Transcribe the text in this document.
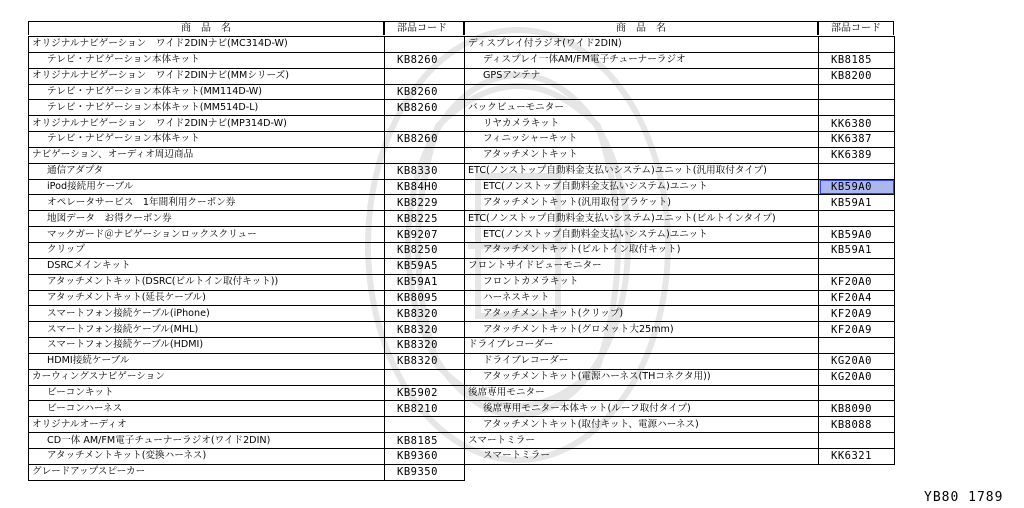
商　品　名	部品コード	商　品　名	部品コード
オリジナルナビゲーション　ワイド2DINナビ(MC314D-W)	
テレビ・ナビゲーション本体キット	KB8260
オリジナルナビゲーション　ワイド2DINナビ(MMシリーズ)	
テレビ・ナビゲーション本体キット(MM114D-W)	KB8260
テレビ・ナビゲーション本体キット(MM514D-L)	KB8260
オリジナルナビゲーション　ワイド2DINナビ(MP314D-W)	
テレビ・ナビゲーション本体キット	KB8260
ナビゲーション、オーディオ周辺商品	
通信アダプタ	KB8330
iPod接続用ケーブル	KB84H0
オペレータサービス　1年間利用クーポン券	KB8229
地図データ　お得クーポン券	KB8225
マックガード＠ナビゲーションロックスクリュー	KB9207
クリップ	KB8250
DSRCメインキット	KB59A5
アタッチメントキット(DSRC(ビルトイン取付キット))	KB59A1
アタッチメントキット(延長ケーブル)	KB8095
スマートフォン接続ケーブル(iPhone)	KB8320
スマートフォン接続ケーブル(MHL)	KB8320
スマートフォン接続ケーブル(HDMI)	KB8320
HDMI接続ケーブル	KB8320
カーウィングスナビゲーション	
ビーコンキット	KB5902
ビーコンハーネス	KB8210
オリジナルオーディオ	
CD一体 AM/FM電子チューナーラジオ(ワイド2DIN)	KB8185
アタッチメントキット(変換ハーネス)	KB9360
グレードアップスピーカー	KB9350
ディスプレイ付ラジオ(ワイド2DIN)	
ディスプレイ一体AM/FM電子チューナーラジオ	KB8185
GPSアンテナ	KB8200

バックビューモニター	
リヤカメラキット	KK6380
フィニッシャーキット	KK6387
アタッチメントキット	KK6389
ETC(ノンストップ自動料金支払いシステム)ユニット(汎用取付タイプ)	
ETC(ノンストップ自動料金支払いシステム)ユニット	KB59A0
アタッチメントキット(汎用取付ブラケット)	KB59A1
ETC(ノンストップ自動料金支払いシステム)ユニット(ビルトインタイプ)	
ETC(ノンストップ自動料金支払いシステム)ユニット	KB59A0
アタッチメントキット(ビルトイン取付キット)	KB59A1
フロントサイドビューモニター	
フロントカメラキット	KF20A0
ハーネスキット	KF20A4
アタッチメントキット(クリップ)	KF20A9
アタッチメントキット(グロメット大25mm)	KF20A9
ドライブレコーダー	
ドライブレコーダー	KG20A0
アタッチメントキット(電源ハーネス(THコネクタ用))	KG20A0
後席専用モニター	
後席専用モニター本体キット(ルーフ取付タイプ)	KB8090
アタッチメントキット(取付キット、電源ハーネス)	KB8088
スマートミラー	
スマートミラー	KK6321
YB80 1789
